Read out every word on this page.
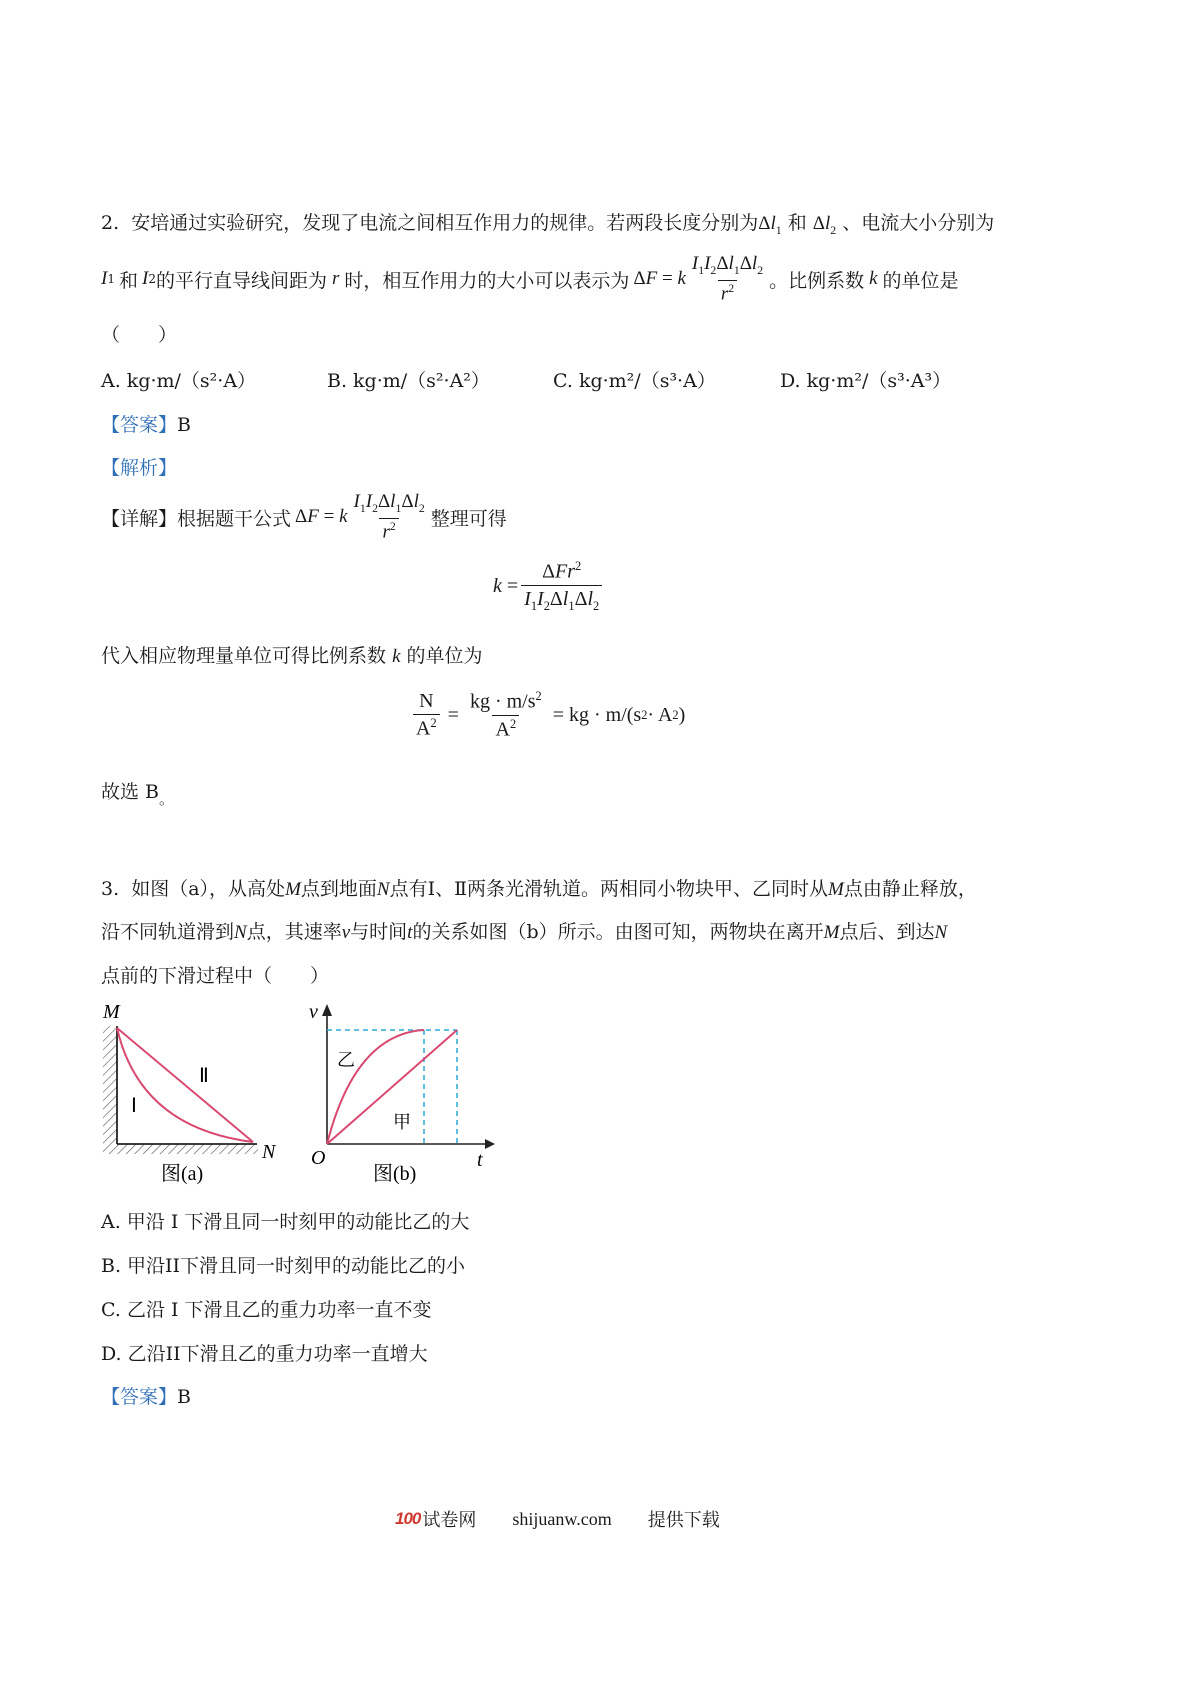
2. 安培通过实验研究，发现了电流之间相互作用力的规律。若两段长度分别为$\Delta l_1$ 和 $\Delta l_2$ 、电流大小分别为
I 1 和 I 2 的平行直导线间距为 r 时，相互作用力的大小可以表示为 ΔF = k $\frac{I_1I_2\Delta l_1\Delta l_2}{r^2}$ 。比例系数 k 的单位是
（　　）
A. kg·m/（s²·A）	B. kg·m/（s²·A²）	C. kg·m²/（s³·A）	D. kg·m²/（s³·A³）
【答案】B
【解析】
【详解】 根据题干公式 ΔF = k $\frac{I_1I_2\Delta l_1\Delta l_2}{r^2}$ 整理可得
$k = \frac{\Delta Fr^2}{I_1I_2\Delta l_1\Delta l_2}$
代入相应物理量单位可得比例系数 k 的单位为
$\frac{N}{A^2} = \frac{kg \cdot m/s^2}{A^2}$ = kg · m/(s 2 · A 2 )
故选 $B_。$
3. 如图（a），从高处M点到地面N点有Ⅰ、Ⅱ两条光滑轨道。两相同小物块甲、乙同时从M点由静止释放，
沿不同轨道滑到N点，其速率v与时间t的关系如图（b）所示。由图可知，两物块在离开M点后、到达N
点前的下滑过程中（　　）
M
N
Ⅰ
Ⅱ
图(a)
v
t
O
乙
甲
图(b)
A. 甲沿 I 下滑且同一时刻甲的动能比乙的大
B. 甲沿II下滑且同一时刻甲的动能比乙的小
C. 乙沿 I 下滑且乙的重力功率一直不变
D. 乙沿II下滑且乙的重力功率一直增大
【答案】B
100 试卷网 shijuanw.com 提供下载
